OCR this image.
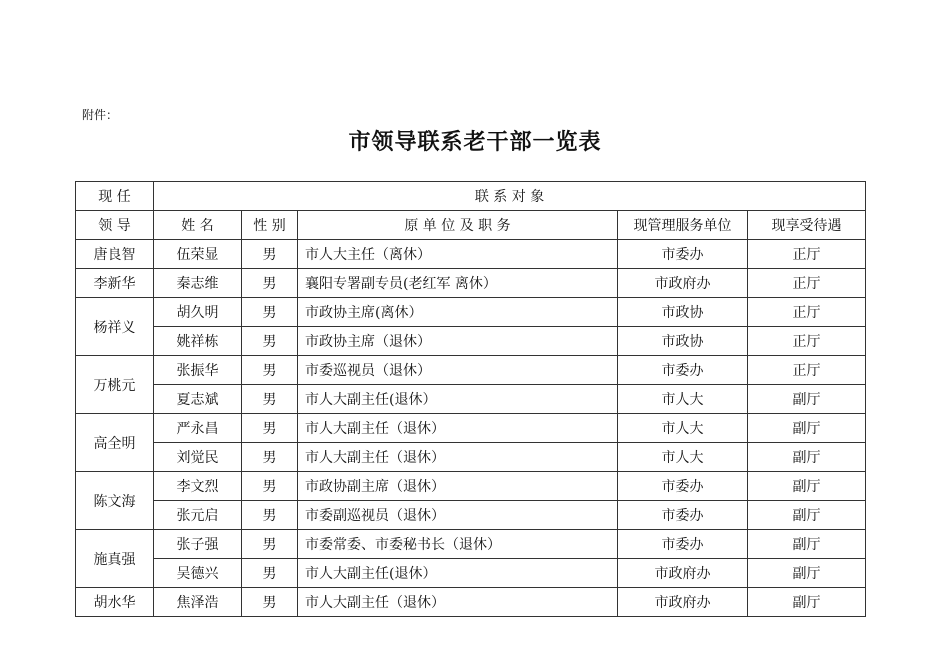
附件：
市领导联系老干部一览表
现 任	联 系 对 象				
领 导	姓 名	性 别	原 单 位 及 职 务	现管理服务单位	现享受待遇
唐良智	伍荣显	男	市人大主任（离休）	市委办	正厅
李新华	秦志维	男	襄阳专署副专员(老红军 离休）	市政府办	正厅
杨祥义	胡久明	男	市政协主席(离休）	市政协	正厅
	姚祥栋	男	市政协主席（退休）	市政协	正厅
万桃元	张振华	男	市委巡视员（退休）	市委办	正厅
	夏志斌	男	市人大副主任(退休）	市人大	副厅
高全明	严永昌	男	市人大副主任（退休）	市人大	副厅
	刘觉民	男	市人大副主任（退休）	市人大	副厅
陈文海	李文烈	男	市政协副主席（退休）	市委办	副厅
	张元启	男	市委副巡视员（退休）	市委办	副厅
施真强	张子强	男	市委常委、市委秘书长（退休）	市委办	副厅
	吴德兴	男	市人大副主任(退休）	市政府办	副厅
胡水华	焦泽浩	男	市人大副主任（退休）	市政府办	副厅
